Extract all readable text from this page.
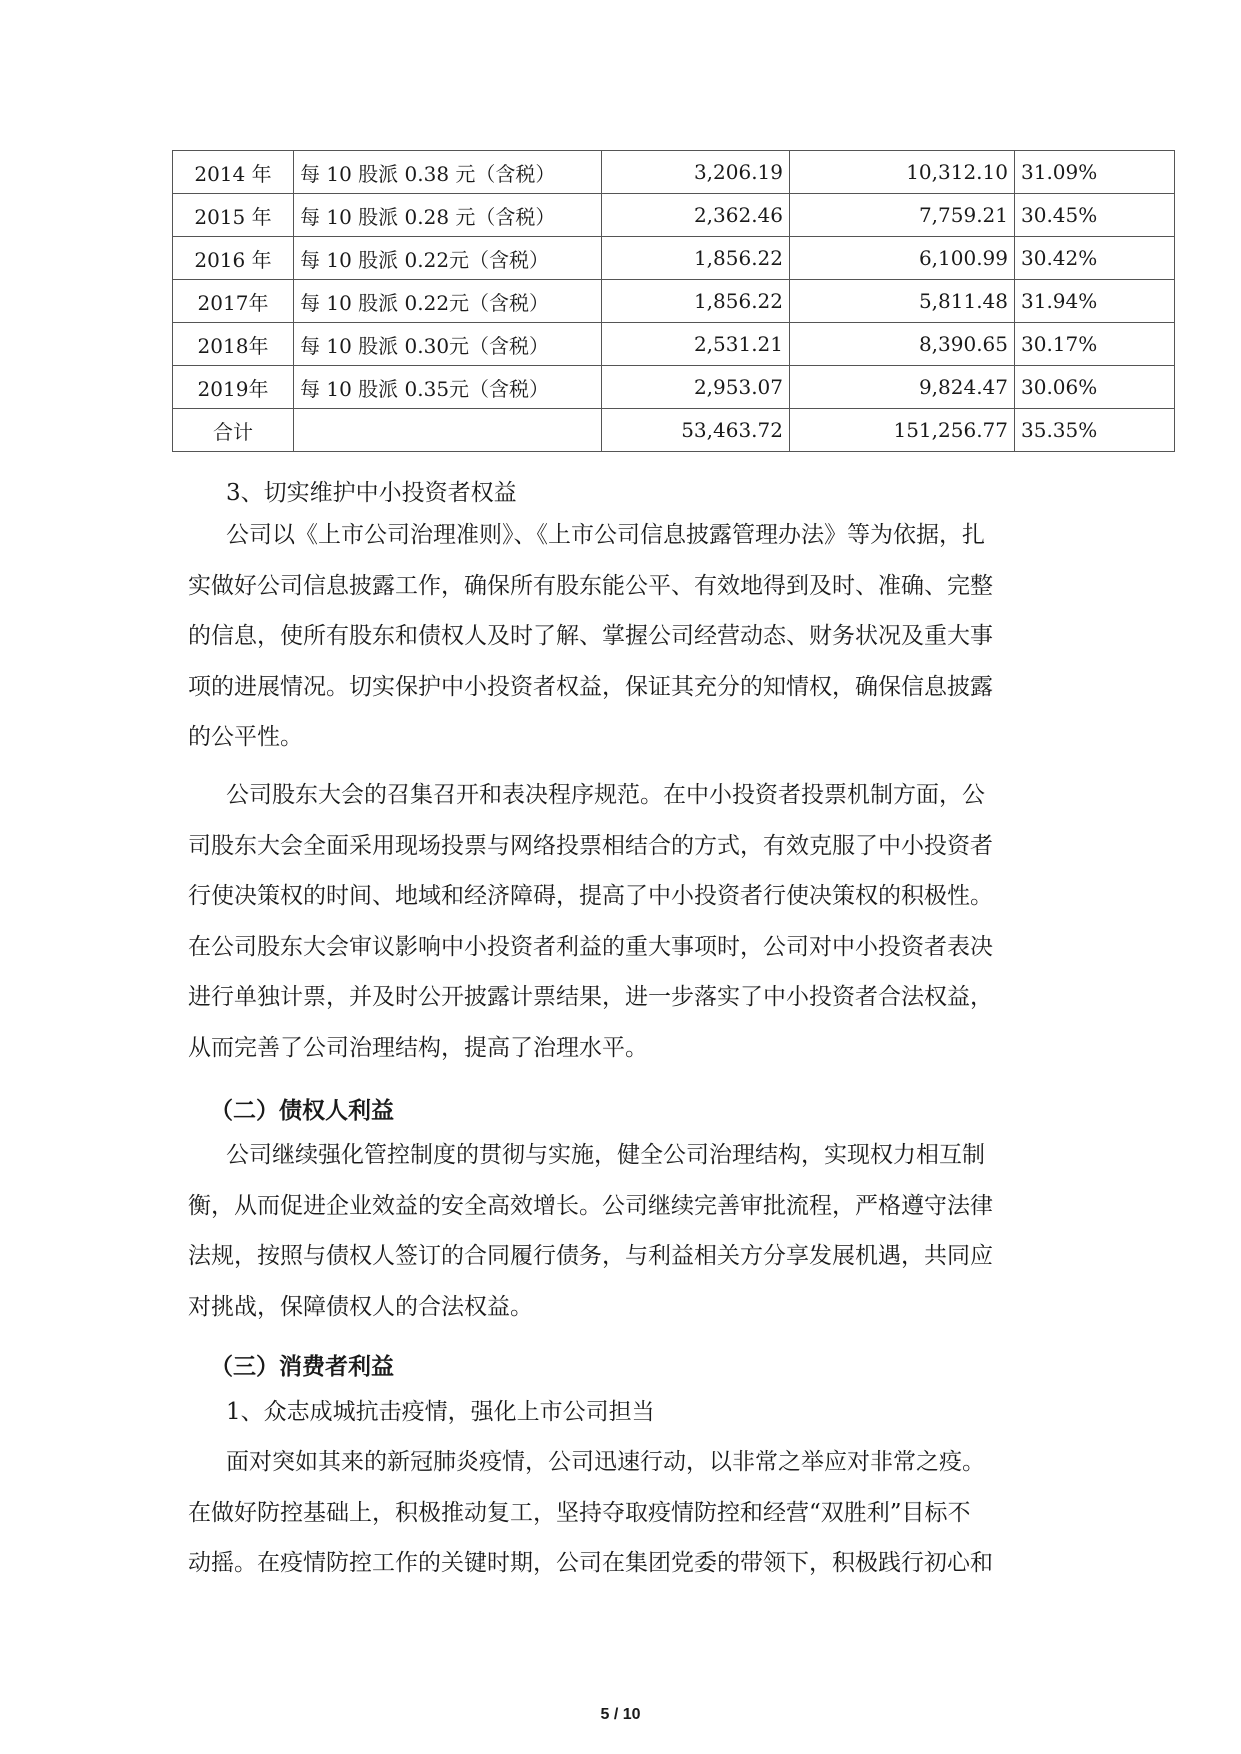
2014 年	每 10 股派 0.38 元（含税）	3,206.19	10,312.10	31.09%
2015 年	每 10 股派 0.28 元（含税）	2,362.46	7,759.21	30.45%
2016 年	每 10 股派 0.22元（含税）	1,856.22	6,100.99	30.42%
2017年	每 10 股派 0.22元（含税）	1,856.22	5,811.48	31.94%
2018年	每 10 股派 0.30元（含税）	2,531.21	8,390.65	30.17%
2019年	每 10 股派 0.35元（含税）	2,953.07	9,824.47	30.06%
合计		53,463.72	151,256.77	35.35%
3、切实维护中小投资者权益
公司以《上市公司治理准则》、《上市公司信息披露管理办法》等为依据，扎
实做好公司信息披露工作，确保所有股东能公平、有效地得到及时、准确、完整
的信息，使所有股东和债权人及时了解、掌握公司经营动态、财务状况及重大事
项的进展情况。切实保护中小投资者权益，保证其充分的知情权，确保信息披露
的公平性。
公司股东大会的召集召开和表决程序规范。在中小投资者投票机制方面，公
司股东大会全面采用现场投票与网络投票相结合的方式，有效克服了中小投资者
行使决策权的时间、地域和经济障碍，提高了中小投资者行使决策权的积极性。
在公司股东大会审议影响中小投资者利益的重大事项时，公司对中小投资者表决
进行单独计票，并及时公开披露计票结果，进一步落实了中小投资者合法权益，
从而完善了公司治理结构，提高了治理水平。
（二）债权人利益
公司继续强化管控制度的贯彻与实施，健全公司治理结构，实现权力相互制
衡，从而促进企业效益的安全高效增长。公司继续完善审批流程，严格遵守法律
法规，按照与债权人签订的合同履行债务，与利益相关方分享发展机遇，共同应
对挑战，保障债权人的合法权益。
（三）消费者利益
1、众志成城抗击疫情，强化上市公司担当
面对突如其来的新冠肺炎疫情，公司迅速行动，以非常之举应对非常之疫。
在做好防控基础上，积极推动复工，坚持夺取疫情防控和经营“双胜利”目标不
动摇。在疫情防控工作的关键时期，公司在集团党委的带领下，积极践行初心和
5 / 10
